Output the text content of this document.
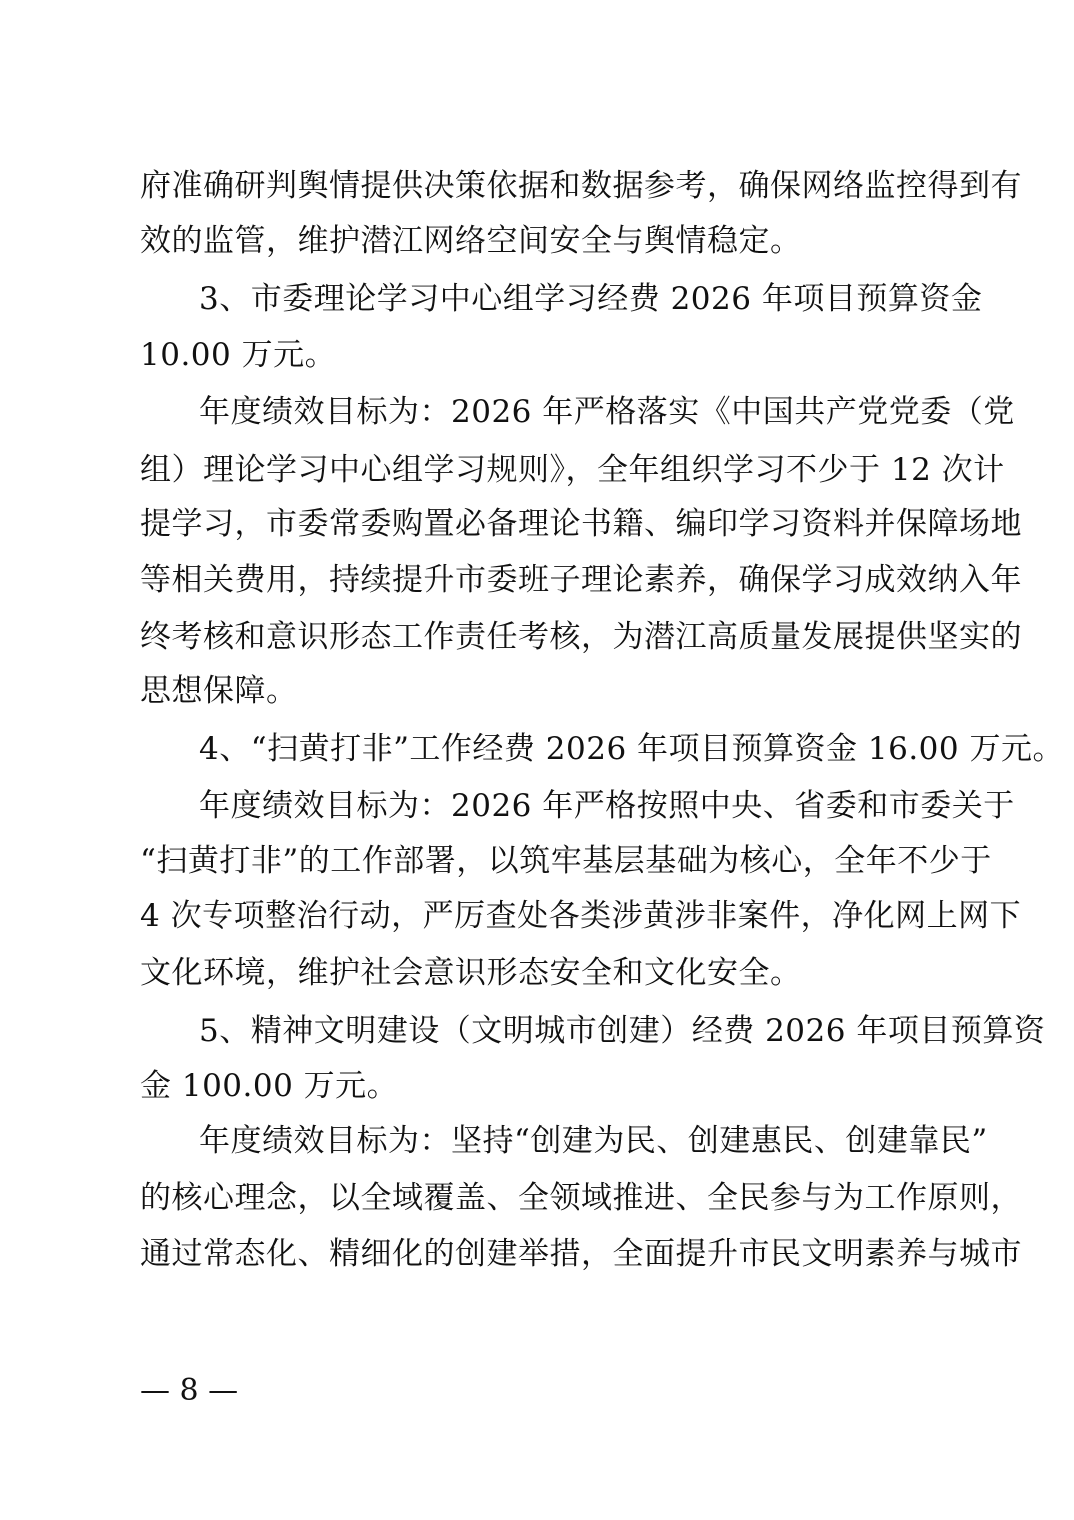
府准确研判舆情提供决策依据和数据参考，确保网络监控得到有
效的监管，维护潜江网络空间安全与舆情稳定。
3、市委理论学习中心组学习经费 2026 年项目预算资金
10.00 万元。
年度绩效目标为：2026 年严格落实《中国共产党党委（党
组）理论学习中心组学习规则》，全年组织学习不少于 12 次计
提学习，市委常委购置必备理论书籍、编印学习资料并保障场地
等相关费用，持续提升市委班子理论素养，确保学习成效纳入年
终考核和意识形态工作责任考核，为潜江高质量发展提供坚实的
思想保障。
4、“扫黄打非”工作经费 2026 年项目预算资金 16.00 万元。
年度绩效目标为：2026 年严格按照中央、省委和市委关于
“扫黄打非”的工作部署，以筑牢基层基础为核心，全年不少于
4 次专项整治行动，严厉查处各类涉黄涉非案件，净化网上网下
文化环境，维护社会意识形态安全和文化安全。
5、精神文明建设（文明城市创建）经费 2026 年项目预算资
金 100.00 万元。
年度绩效目标为：坚持“创建为民、创建惠民、创建靠民”
的核心理念，以全域覆盖、全领域推进、全民参与为工作原则，
通过常态化、精细化的创建举措，全面提升市民文明素养与城市
— 8 —
